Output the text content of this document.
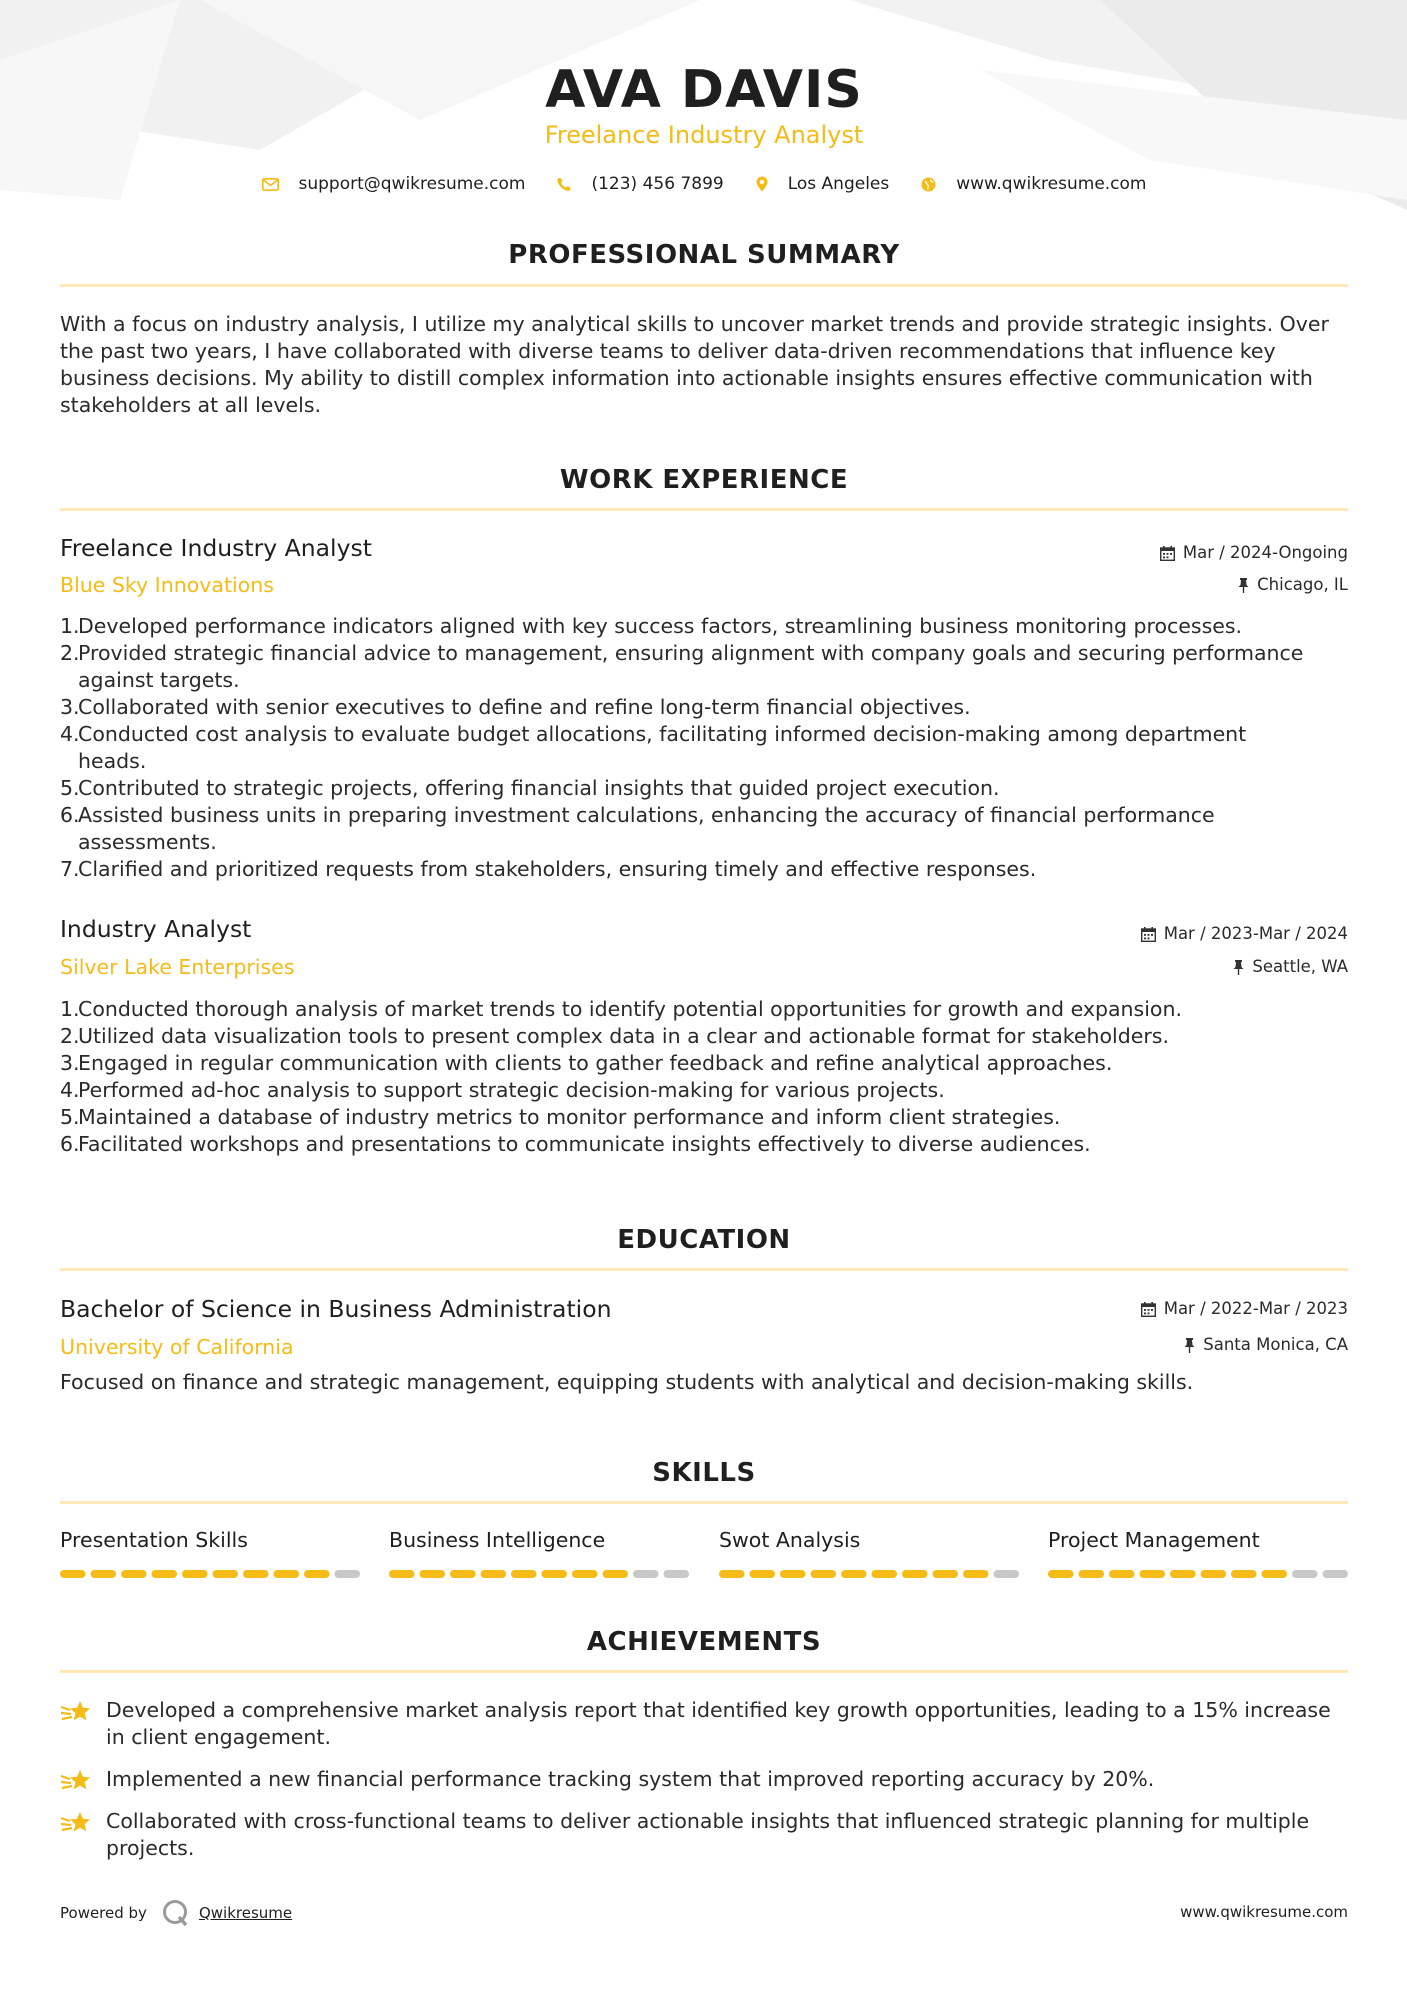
AVA DAVIS
Freelance Industry Analyst
support@qwikresume.com	(123) 456 7899	Los Angeles	www.qwikresume.com
PROFESSIONAL SUMMARY
With a focus on industry analysis, I utilize my analytical skills to uncover market trends and provide strategic insights. Over
the past two years, I have collaborated with diverse teams to deliver data-driven recommendations that influence key
business decisions. My ability to distill complex information into actionable insights ensures effective communication with
stakeholders at all levels.
WORK EXPERIENCE
Freelance Industry Analyst
Blue Sky Innovations
Mar / 2024-Ongoing
Chicago, IL
1.
Developed performance indicators aligned with key success factors, streamlining business monitoring processes.
2.
Provided strategic financial advice to management, ensuring alignment with company goals and securing performance
against targets.
3.
Collaborated with senior executives to define and refine long-term financial objectives.
4.
Conducted cost analysis to evaluate budget allocations, facilitating informed decision-making among department
heads.
5.
Contributed to strategic projects, offering financial insights that guided project execution.
6.
Assisted business units in preparing investment calculations, enhancing the accuracy of financial performance
assessments.
7.
Clarified and prioritized requests from stakeholders, ensuring timely and effective responses.
Industry Analyst
Silver Lake Enterprises
Mar / 2023-Mar / 2024
Seattle, WA
1.
Conducted thorough analysis of market trends to identify potential opportunities for growth and expansion.
2.
Utilized data visualization tools to present complex data in a clear and actionable format for stakeholders.
3.
Engaged in regular communication with clients to gather feedback and refine analytical approaches.
4.
Performed ad-hoc analysis to support strategic decision-making for various projects.
5.
Maintained a database of industry metrics to monitor performance and inform client strategies.
6.
Facilitated workshops and presentations to communicate insights effectively to diverse audiences.
EDUCATION
Bachelor of Science in Business Administration
University of California
Mar / 2022-Mar / 2023
Santa Monica, CA
Focused on finance and strategic management, equipping students with analytical and decision-making skills.
SKILLS
Presentation Skills	Business Intelligence	Swot Analysis	Project Management
ACHIEVEMENTS
Developed a comprehensive market analysis report that identified key growth opportunities, leading to a 15% increase
in client engagement.
Implemented a new financial performance tracking system that improved reporting accuracy by 20%.
Collaborated with cross-functional teams to deliver actionable insights that influenced strategic planning for multiple
projects.
Powered by	Qwikresume	www.qwikresume.com
